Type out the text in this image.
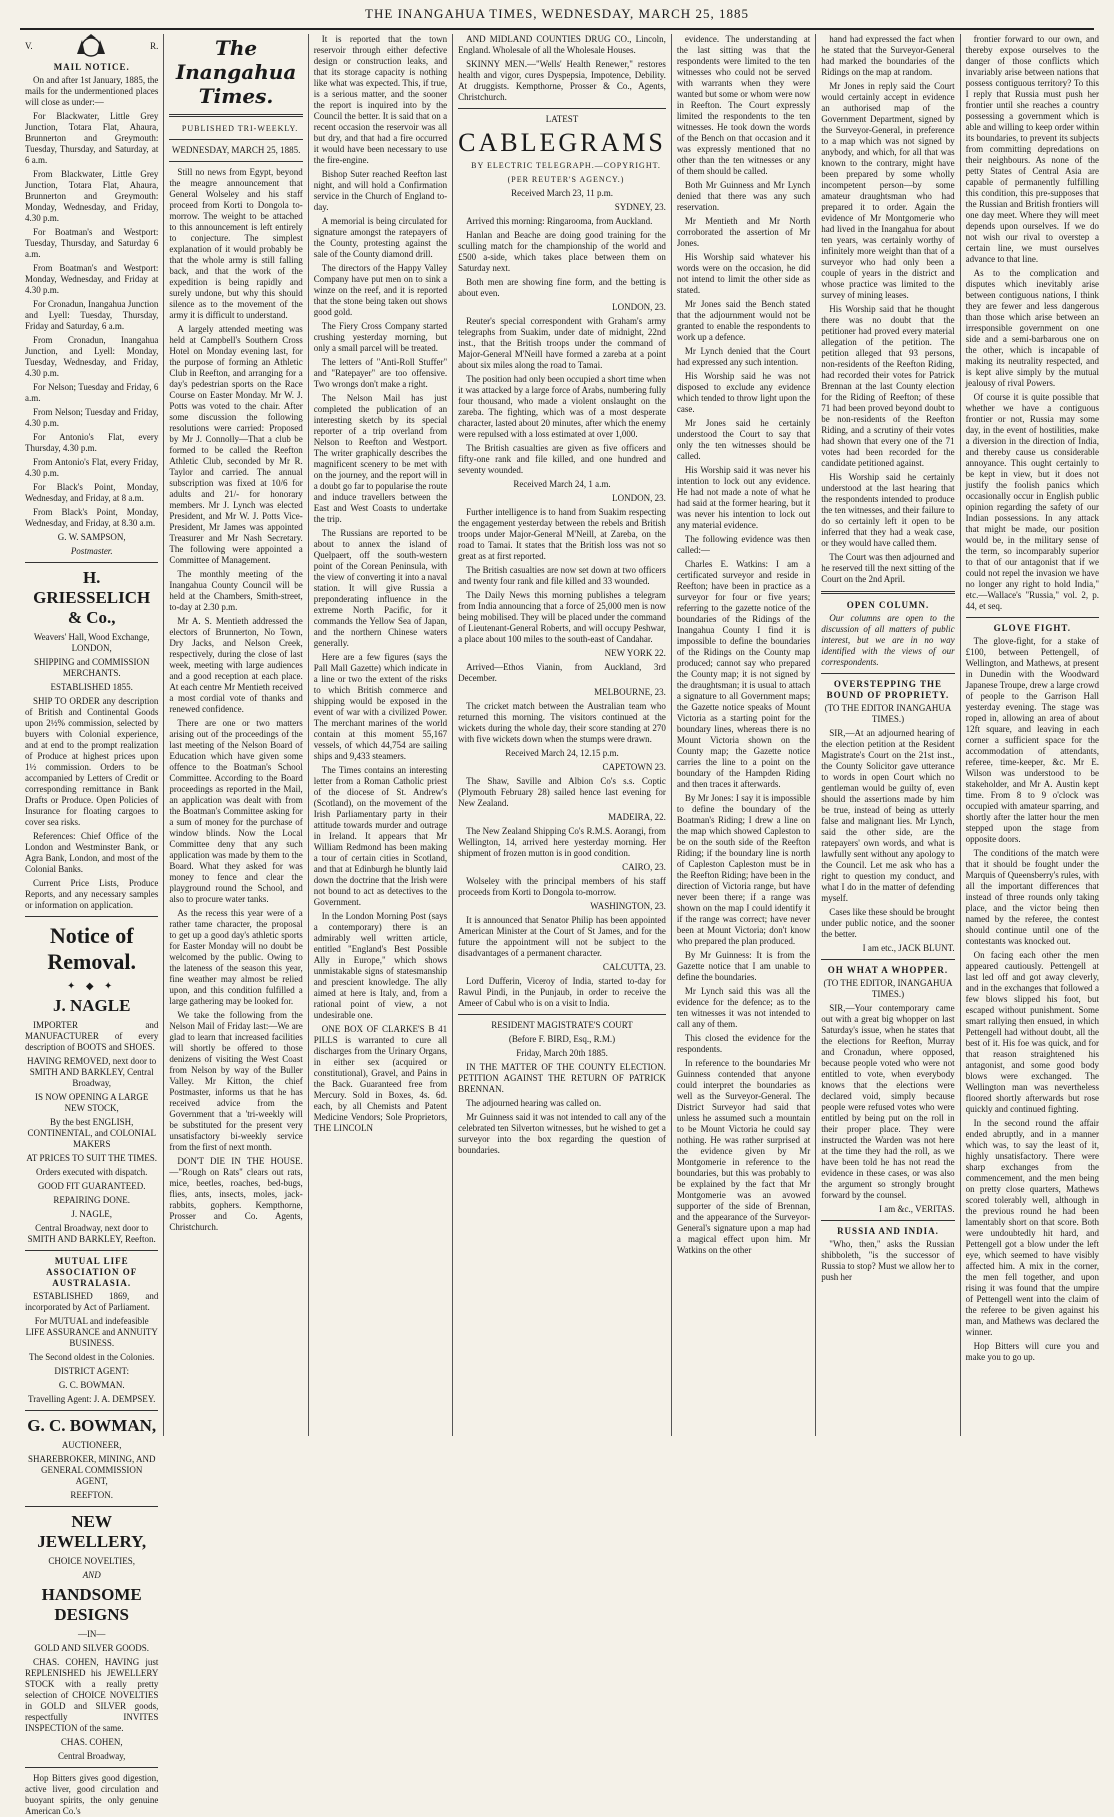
THE INANGAHUA TIMES, WEDNESDAY, MARCH 25, 1885
V.	R.
MAIL NOTICE.

On and after 1st January, 1885, the mails for the undermentioned places will close as under:—

For Blackwater, Little Grey Junction, Totara Flat, Ahaura, Brunnerton and Greymouth: Tuesday, Thursday, and Saturday, at 6 a.m.

From Blackwater, Little Grey Junction, Totara Flat, Ahaura, Brunnerton and Greymouth: Monday, Wednesday, and Friday, 4.30 p.m.

For Boatman's and Westport: Tuesday, Thursday, and Saturday 6 a.m.

From Boatman's and Westport: Monday, Wednesday, and Friday at 4.30 p.m.

For Cronadun, Inangahua Junction and Lyell: Tuesday, Thursday, Friday and Saturday, 6 a.m.

From Cronadun, Inangahua Junction, and Lyell: Monday, Tuesday, Wednesday, and Friday, 4.30 p.m.

For Nelson; Tuesday and Friday, 6 a.m.

From Nelson; Tuesday and Friday, 4.30 p.m.

For Antonio's Flat, every Thursday, 4.30 p.m.

From Antonio's Flat, every Friday, 4.30 p.m.

For Black's Point, Monday, Wednesday, and Friday, at 8 a.m.

From Black's Point, Monday, Wednesday, and Friday, at 8.30 a.m.

G. W. SAMPSON,

Postmaster.

H. GRIESSELICH & Co.,

Weavers' Hall, Wood Exchange, LONDON,

SHIPPING and COMMISSION MERCHANTS.

ESTABLISHED 1855.

SHIP TO ORDER any description of British and Continental Goods upon 2½% commission, selected by buyers with Colonial experience, and at end to the prompt realization of Produce at highest prices upon 1½ commission. Orders to be accompanied by Letters of Credit or corresponding remittance in Bank Drafts or Produce. Open Policies of Insurance for floating cargoes to cover sea risks.

References: Chief Office of the London and Westminster Bank, or Agra Bank, London, and most of the Colonial Banks.

Current Price Lists, Produce Reports, and any necessary samples or information on application.

Notice of Removal.
✦ ◆ ✦
J. NAGLE

IMPORTER and MANUFACTURER of every description of BOOTS and SHOES.

HAVING REMOVED, next door to SMITH AND BARKLEY, Central Broadway,

IS NOW OPENING A LARGE NEW STOCK,

By the best ENGLISH, CONTINENTAL, and COLONIAL MAKERS

AT PRICES TO SUIT THE TIMES.

Orders executed with dispatch.

GOOD FIT GUARANTEED.

REPAIRING DONE.

J. NAGLE,

Central Broadway, next door to SMITH AND BARKLEY, Reefton.

MUTUAL LIFE ASSOCIATION OF AUSTRALASIA.

ESTABLISHED 1869, and incorporated by Act of Parliament.

For MUTUAL and indefeasible LIFE ASSURANCE and ANNUITY BUSINESS.

The Second oldest in the Colonies.

DISTRICT AGENT:

G. C. BOWMAN.

Travelling Agent: J. A. DEMPSEY.

G. C. BOWMAN,

AUCTIONEER,

SHAREBROKER, MINING, AND GENERAL COMMISSION AGENT,

REEFTON.

NEW JEWELLERY,

CHOICE NOVELTIES,

AND

HANDSOME DESIGNS

—IN—

GOLD AND SILVER GOODS.

CHAS. COHEN, HAVING just REPLENISHED his JEWELLERY STOCK with a really pretty selection of CHOICE NOVELTIES in GOLD and SILVER goods, respectfully INVITES INSPECTION of the same.

CHAS. COHEN,

Central Broadway,

Hop Bitters gives good digestion, active liver, good circulation and buoyant spirits, the only genuine American Co.'s

The Inangahua Times.

PUBLISHED TRI-WEEKLY.

WEDNESDAY, MARCH 25, 1885.

Still no news from Egypt, beyond the meagre announcement that General Wolseley and his staff proceed from Korti to Dongola to-morrow. The weight to be attached to this announcement is left entirely to conjecture. The simplest explanation of it would probably be that the whole army is still falling back, and that the work of the expedition is being rapidly and surely undone, but why this should silence as to the movement of the army it is difficult to understand.

A largely attended meeting was held at Campbell's Southern Cross Hotel on Monday evening last, for the purpose of forming an Athletic Club in Reefton, and arranging for a day's pedestrian sports on the Race Course on Easter Monday. Mr W. J. Potts was voted to the chair. After some discussion the following resolutions were carried: Proposed by Mr J. Connolly—That a club be formed to be called the Reefton Athletic Club, seconded by Mr R. Taylor and carried. The annual subscription was fixed at 10/6 for adults and 21/- for honorary members. Mr J. Lynch was elected President, and Mr W. J. Potts Vice-President, Mr James was appointed Treasurer and Mr Nash Secretary. The following were appointed a Committee of Management.

The monthly meeting of the Inangahua County Council will be held at the Chambers, Smith-street, to-day at 2.30 p.m.

Mr A. S. Mentieth addressed the electors of Brunnerton, No Town, Dry Jacks, and Nelson Creek, respectively, during the close of last week, meeting with large audiences and a good reception at each place. At each centre Mr Mentieth received a most cordial vote of thanks and renewed confidence.

There are one or two matters arising out of the proceedings of the last meeting of the Nelson Board of Education which have given some offence to the Boatman's School Committee. According to the Board proceedings as reported in the Mail, an application was dealt with from the Boatman's Committee asking for a sum of money for the purchase of window blinds. Now the Local Committee deny that any such application was made by them to the Board. What they asked for was money to fence and clear the playground round the School, and also to procure water tanks.

As the recess this year were of a rather tame character, the proposal to get up a good day's athletic sports for Easter Monday will no doubt be welcomed by the public. Owing to the lateness of the season this year, fine weather may almost be relied upon, and this condition fulfilled a large gathering may be looked for.

We take the following from the Nelson Mail of Friday last:—We are glad to learn that increased facilities will shortly be offered to those denizens of visiting the West Coast from Nelson by way of the Buller Valley. Mr Kitton, the chief Postmaster, informs us that he has received advice from the Government that a 'tri-weekly will be substituted for the present very unsatisfactory bi-weekly service from the first of next month.

DON'T DIE IN THE HOUSE.—"Rough on Rats" clears out rats, mice, beetles, roaches, bed-bugs, flies, ants, insects, moles, jack-rabbits, gophers. Kempthorne, Prosser and Co. Agents, Christchurch.

It is reported that the town reservoir through either defective design or construction leaks, and that its storage capacity is nothing like what was expected. This, if true, is a serious matter, and the sooner the report is inquired into by the Council the better. It is said that on a recent occasion the reservoir was all but dry, and that had a fire occurred it would have been necessary to use the fire-engine.

Bishop Suter reached Reefton last night, and will hold a Confirmation service in the Church of England to-day.

A memorial is being circulated for signature amongst the ratepayers of the County, protesting against the sale of the County diamond drill.

The directors of the Happy Valley Company have put men on to sink a winze on the reef, and it is reported that the stone being taken out shows good gold.

The Fiery Cross Company started crushing yesterday morning, but only a small parcel will be treated.

The letters of "Anti-Roll Stuffer" and "Ratepayer" are too offensive. Two wrongs don't make a right.

The Nelson Mail has just completed the publication of an interesting sketch by its special reporter of a trip overland from Nelson to Reefton and Westport. The writer graphically describes the magnificent scenery to be met with on the journey, and the report will in a doubt go far to popularise the route and induce travellers between the East and West Coasts to undertake the trip.

The Russians are reported to be about to annex the island of Quelpaert, off the south-western point of the Corean Peninsula, with the view of converting it into a naval station. It will give Russia a preponderating influence in the extreme North Pacific, for it commands the Yellow Sea of Japan, and the northern Chinese waters generally.

Here are a few figures (says the Pall Mall Gazette) which indicate in a line or two the extent of the risks to which British commerce and shipping would be exposed in the event of war with a civilized Power. The merchant marines of the world contain at this moment 55,167 vessels, of which 44,754 are sailing ships and 9,433 steamers.

The Times contains an interesting letter from a Roman Catholic priest of the diocese of St. Andrew's (Scotland), on the movement of the Irish Parliamentary party in their attitude towards murder and outrage in Ireland. It appears that Mr William Redmond has been making a tour of certain cities in Scotland, and that at Edinburgh he bluntly laid down the doctrine that the Irish were not bound to act as detectives to the Government.

In the London Morning Post (says a contemporary) there is an admirably well written article, entitled "England's Best Possible Ally in Europe," which shows unmistakable signs of statesmanship and prescient knowledge. The ally aimed at here is Italy, and, from a rational point of view, a not undesirable one.

ONE BOX OF CLARKE'S B 41 PILLS is warranted to cure all discharges from the Urinary Organs, in either sex (acquired or constitutional), Gravel, and Pains in the Back. Guaranteed free from Mercury. Sold in Boxes, 4s. 6d. each, by all Chemists and Patent Medicine Vendors; Sole Proprietors, THE LINCOLN

AND MIDLAND COUNTIES DRUG CO., Lincoln, England. Wholesale of all the Wholesale Houses.

SKINNY MEN.—"Wells' Health Renewer," restores health and vigor, cures Dyspepsia, Impotence, Debility. At druggists. Kempthorne, Prosser & Co., Agents, Christchurch.

LATEST

CABLEGRAMS

BY ELECTRIC TELEGRAPH.—COPYRIGHT.

(PER REUTER'S AGENCY.)

Received March 23, 11 p.m.

SYDNEY, 23.

Arrived this morning: Ringarooma, from Auckland.

Hanlan and Beache are doing good training for the sculling match for the championship of the world and £500 a-side, which takes place between them on Saturday next.

Both men are showing fine form, and the betting is about even.

LONDON, 23.

Reuter's special correspondent with Graham's army telegraphs from Suakim, under date of midnight, 22nd inst., that the British troops under the command of Major-General M'Neill have formed a zareba at a point about six miles along the road to Tamai.

The position had only been occupied a short time when it was attacked by a large force of Arabs, numbering fully four thousand, who made a violent onslaught on the zareba. The fighting, which was of a most desperate character, lasted about 20 minutes, after which the enemy were repulsed with a loss estimated at over 1,000.

The British casualties are given as five officers and fifty-one rank and file killed, and one hundred and seventy wounded.

Received March 24, 1 a.m.

LONDON, 23.

Further intelligence is to hand from Suakim respecting the engagement yesterday between the rebels and British troops under Major-General M'Neill, at Zareba, on the road to Tamai. It states that the British loss was not so great as at first reported.

The British casualties are now set down at two officers and twenty four rank and file killed and 33 wounded.

The Daily News this morning publishes a telegram from India announcing that a force of 25,000 men is now being mobilised. They will be placed under the command of Lieutenant-General Roberts, and will occupy Peshwar, a place about 100 miles to the south-east of Candahar.

NEW YORK 22.

Arrived—Ethos Vianin, from Auckland, 3rd December.

MELBOURNE, 23.

The cricket match between the Australian team who returned this morning. The visitors continued at the wickets during the whole day, their score standing at 270 with five wickets down when the stumps were drawn.

Received March 24, 12.15 p.m.

CAPETOWN 23.

The Shaw, Saville and Albion Co's s.s. Coptic (Plymouth February 28) sailed hence last evening for New Zealand.

MADEIRA, 22.

The New Zealand Shipping Co's R.M.S. Aorangi, from Wellington, 14, arrived here yesterday morning. Her shipment of frozen mutton is in good condition.

CAIRO, 23.

Wolseley with the principal members of his staff proceeds from Korti to Dongola to-morrow.

WASHINGTON, 23.

It is announced that Senator Philip has been appointed American Minister at the Court of St James, and for the future the appointment will not be subject to the disadvantages of a permanent character.

CALCUTTA, 23.

Lord Dufferin, Viceroy of India, started to-day for Rawul Pindi, in the Punjaub, in order to receive the Ameer of Cabul who is on a visit to India.

RESIDENT MAGISTRATE'S COURT

(Before F. BIRD, Esq., R.M.)

Friday, March 20th 1885.

IN THE MATTER OF THE COUNTY ELECTION. PETITION AGAINST THE RETURN OF PATRICK BRENNAN.

The adjourned hearing was called on.

Mr Guinness said it was not intended to call any of the celebrated ten Silverton witnesses, but he wished to get a surveyor into the box regarding the question of boundaries.

evidence. The understanding at the last sitting was that the respondents were limited to the ten witnesses who could not be served with warrants when they were wanted but some or whom were now in Reefton. The Court expressly limited the respondents to the ten witnesses. He took down the words of the Bench on that occasion and it was expressly mentioned that no other than the ten witnesses or any of them should be called.

Both Mr Guinness and Mr Lynch denied that there was any such reservation.

Mr Mentieth and Mr North corroborated the assertion of Mr Jones.

His Worship said whatever his words were on the occasion, he did not intend to limit the other side as stated.

Mr Jones said the Bench stated that the adjournment would not be granted to enable the respondents to work up a defence.

Mr Lynch denied that the Court had expressed any such intention.

His Worship said he was not disposed to exclude any evidence which tended to throw light upon the case.

Mr Jones said he certainly understood the Court to say that only the ten witnesses should be called.

His Worship said it was never his intention to lock out any evidence. He had not made a note of what he had said at the former hearing, but it was never his intention to lock out any material evidence.

The following evidence was then called:—

Charles E. Watkins: I am a certificated surveyor and reside in Reefton; have been in practice as a surveyor for four or five years; referring to the gazette notice of the boundaries of the Ridings of the Inangahua County I find it is impossible to define the boundaries of the Ridings on the County map produced; cannot say who prepared the County map; it is not signed by the draughtsman; it is usual to attach a signature to all Government maps; the Gazette notice speaks of Mount Victoria as a starting point for the boundary lines, whereas there is no Mount Victoria shown on the County map; the Gazette notice carries the line to a point on the boundary of the Hampden Riding and then traces it afterwards.

By Mr Jones: I say it is impossible to define the boundary of the Boatman's Riding; I drew a line on the map which showed Capleston to be on the south side of the Reefton Riding; if the boundary line is north of Capleston Capleston must be in the Reefton Riding; have been in the direction of Victoria range, but have never been there; if a range was shown on the map I could identify it if the range was correct; have never been at Mount Victoria; don't know who prepared the plan produced.

By Mr Guinness: It is from the Gazette notice that I am unable to define the boundaries.

Mr Lynch said this was all the evidence for the defence; as to the ten witnesses it was not intended to call any of them.

This closed the evidence for the respondents.

In reference to the boundaries Mr Guinness contended that anyone could interpret the boundaries as well as the Surveyor-General. The District Surveyor had said that unless he assumed such a mountain to be Mount Victoria he could say nothing. He was rather surprised at the evidence given by Mr Montgomerie in reference to the boundaries, but this was probably to be explained by the fact that Mr Montgomerie was an avowed supporter of the side of Brennan, and the appearance of the Surveyor-General's signature upon a map had a magical effect upon him. Mr Watkins on the other

hand had expressed the fact when he stated that the Surveyor-General had marked the boundaries of the Ridings on the map at random.

Mr Jones in reply said the Court would certainly accept in evidence an authorised map of the Government Department, signed by the Surveyor-General, in preference to a map which was not signed by anybody, and which, for all that was known to the contrary, might have been prepared by some wholly incompetent person—by some amateur draughtsman who had prepared it to order. Again the evidence of Mr Montgomerie who had lived in the Inangahua for about ten years, was certainly worthy of infinitely more weight than that of a surveyor who had only been a couple of years in the district and whose practice was limited to the survey of mining leases.

His Worship said that he thought there was no doubt that the petitioner had proved every material allegation of the petition. The petition alleged that 93 persons, non-residents of the Reefton Riding, had recorded their votes for Patrick Brennan at the last County election for the Riding of Reefton; of these 71 had been proved beyond doubt to be non-residents of the Reefton Riding, and a scrutiny of their votes had shown that every one of the 71 votes had been recorded for the candidate petitioned against.

His Worship said he certainly understood at the last hearing that the respondents intended to produce the ten witnesses, and their failure to do so certainly left it open to be inferred that they had a weak case, or they would have called them.

The Court was then adjourned and he reserved till the next sitting of the Court on the 2nd April.

OPEN COLUMN.

Our columns are open to the discussion of all matters of public interest, but we are in no way identified with the views of our correspondents.

OVERSTEPPING THE BOUND OF PROPRIETY.

(TO THE EDITOR INANGAHUA TIMES.)

SIR,—At an adjourned hearing of the election petition at the Resident Magistrate's Court on the 21st inst., the County Solicitor gave utterance to words in open Court which no gentleman would be guilty of, even should the assertions made by him be true, instead of being as utterly false and malignant lies. Mr Lynch, said the other side, are the ratepayers' own words, and what is lawfully sent without any apology to the Council. Let me ask who has a right to question my conduct, and what I do in the matter of defending myself.

Cases like these should be brought under public notice, and the sooner the better.

I am etc., JACK BLUNT.

OH WHAT A WHOPPER.

(TO THE EDITOR, INANGAHUA TIMES.)

SIR,—Your contemporary came out with a great big whopper on last Saturday's issue, when he states that the elections for Reefton, Murray and Cronadun, where opposed, because people voted who were not entitled to vote, when everybody knows that the elections were declared void, simply because people were refused votes who were entitled by being put on the roll in their proper place. They were instructed the Warden was not here at the time they had the roll, as we have been told he has not read the evidence in these cases, or was also the argument so strongly brought forward by the counsel.

I am &c., VERITAS.

RUSSIA AND INDIA.

"Who, then," asks the Russian shibboleth, "is the successor of Russia to stop? Must we allow her to push her

frontier forward to our own, and thereby expose ourselves to the danger of those conflicts which invariably arise between nations that possess contiguous territory? To this I reply that Russia must push her frontier until she reaches a country possessing a government which is able and willing to keep order within its boundaries, to prevent its subjects from committing depredations on their neighbours. As none of the petty States of Central Asia are capable of permanently fulfilling this condition, this pre-supposes that the Russian and British frontiers will one day meet. Where they will meet depends upon ourselves. If we do not wish our rival to overstep a certain line, we must ourselves advance to that line.

As to the complication and disputes which inevitably arise between contiguous nations, I think they are fewer and less dangerous than those which arise between an irresponsible government on one side and a semi-barbarous one on the other, which is incapable of making its neutrality respected, and is kept alive simply by the mutual jealousy of rival Powers.

Of course it is quite possible that whether we have a contiguous frontier or not, Russia may some day, in the event of hostilities, make a diversion in the direction of India, and thereby cause us considerable annoyance. This ought certainly to be kept in view, but it does not justify the foolish panics which occasionally occur in English public opinion regarding the safety of our Indian possessions. In any attack that might be made, our position would be, in the military sense of the term, so incomparably superior to that of our antagonist that if we could not repel the invasion we have no longer any right to hold India," etc.—Wallace's "Russia," vol. 2, p. 44, et seq.

GLOVE FIGHT.

The glove-fight, for a stake of £100, between Pettengell, of Wellington, and Mathews, at present in Dunedin with the Woodward Japanese Troupe, drew a large crowd of people to the Garrison Hall yesterday evening. The stage was roped in, allowing an area of about 12ft square, and leaving in each corner a sufficient space for the accommodation of attendants, referee, time-keeper, &c. Mr E. Wilson was understood to be stakeholder, and Mr A. Austin kept time. From 8 to 9 o'clock was occupied with amateur sparring, and shortly after the latter hour the men stepped upon the stage from opposite doors.

The conditions of the match were that it should be fought under the Marquis of Queensberry's rules, with all the important differences that instead of three rounds only taking place, and the victor being then named by the referee, the contest should continue until one of the contestants was knocked out.

On facing each other the men appeared cautiously. Pettengell at last led off and got away cleverly, and in the exchanges that followed a few blows slipped his foot, but escaped without punishment. Some smart rallying then ensued, in which Pettengell had without doubt, all the best of it. His foe was quick, and for that reason straightened his antagonist, and some good body blows were exchanged. The Wellington man was nevertheless floored shortly afterwards but rose quickly and continued fighting.

In the second round the affair ended abruptly, and in a manner which was, to say the least of it, highly unsatisfactory. There were sharp exchanges from the commencement, and the men being on pretty close quarters, Mathews scored tolerably well, although in the previous round he had been lamentably short on that score. Both were undoubtedly hit hard, and Pettengell got a blow under the left eye, which seemed to have visibly affected him. A mix in the corner, the men fell together, and upon rising it was found that the umpire of Pettengell went into the claim of the referee to be given against his man, and Mathews was declared the winner.

Hop Bitters will cure you and make you to go up.
